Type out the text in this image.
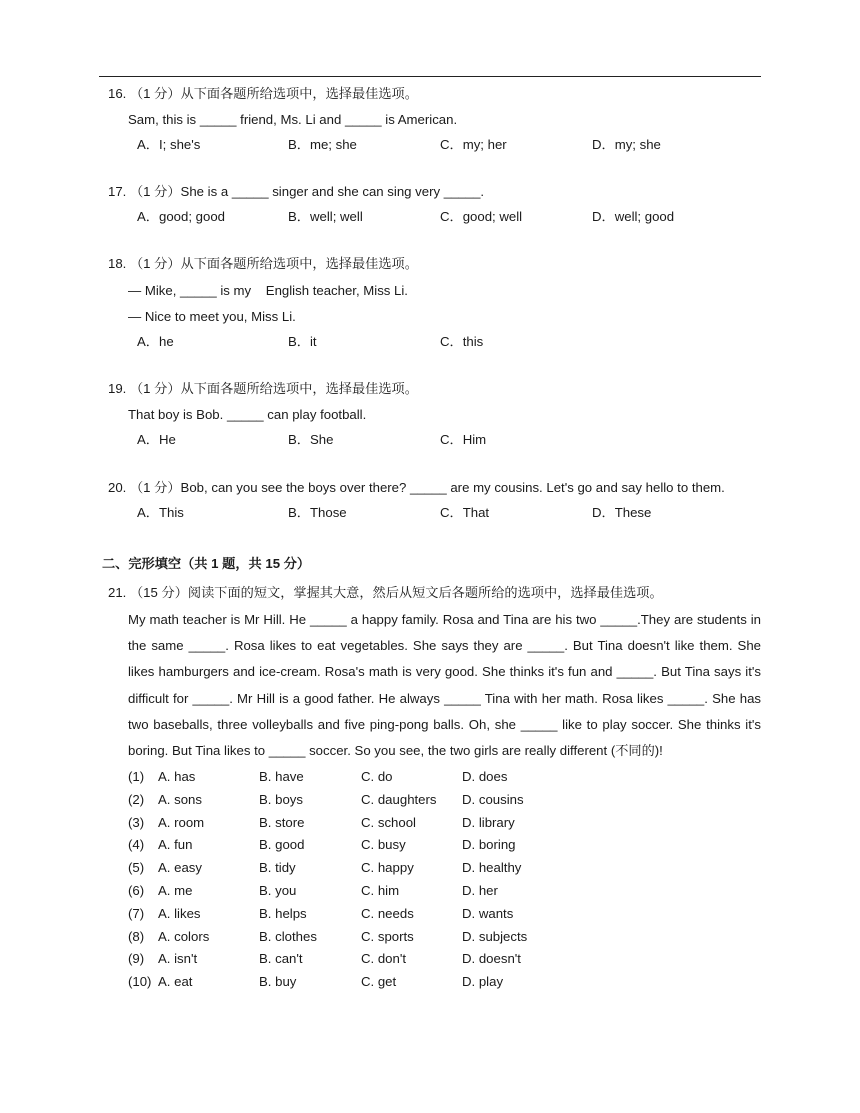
16. （1 分）从下面各题所给选项中，选择最佳选项。
Sam, this is _____ friend, Ms. Li and _____ is American.
A．I; she's	B．me; she	C．my; her	D．my; she
17. （1 分）She is a _____ singer and she can sing very _____.
A．good; good	B．well; well	C．good; well	D．well; good
18. （1 分）从下面各题所给选项中，选择最佳选项。
— Mike, _____ is my    English teacher, Miss Li.
— Nice to meet you, Miss Li.
A．he	B．it	C．this
19. （1 分）从下面各题所给选项中，选择最佳选项。
That boy is Bob. _____ can play football.
A．He	B．She	C．Him
20. （1 分）Bob, can you see the boys over there? _____ are my cousins. Let's go and say hello to them.
A．This	B．Those	C．That	D．These
二、完形填空（共 1 题，共 15 分）
21. （15 分）阅读下面的短文，掌握其大意，然后从短文后各题所给的选项中，选择最佳选项。
My math teacher is Mr Hill. He _____ a happy family. Rosa and Tina are his two _____.They are students in the same _____. Rosa likes to eat vegetables. She says they are _____. But Tina doesn't like them. She likes hamburgers and ice-cream. Rosa's math is very good. She thinks it's fun and _____. But Tina says it's difficult for _____. Mr Hill is a good father. He always _____ Tina with her math. Rosa likes _____. She has two baseballs, three volleyballs and five ping-pong balls. Oh, she _____ like to play soccer. She thinks it's boring. But Tina likes to _____ soccer. So you see, the two girls are really different (不同的)!
(1) A. has	B. have	C. do	D. does
(2) A. sons	B. boys	C. daughters D. cousins
(3) A. room	B. store	C. school	D. library
(4) A. fun	B. good	C. busy	D. boring
(5) A. easy	B. tidy	C. happy	D. healthy
(6) A. me	B. you	C. him	D. her
(7) A. likes	B. helps	C. needs	D. wants
(8) A. colors	B. clothes	C. sports	D. subjects
(9) A. isn't	B. can't	C. don't	D. doesn't
(10) A. eat	B. buy	C. get	D. play
